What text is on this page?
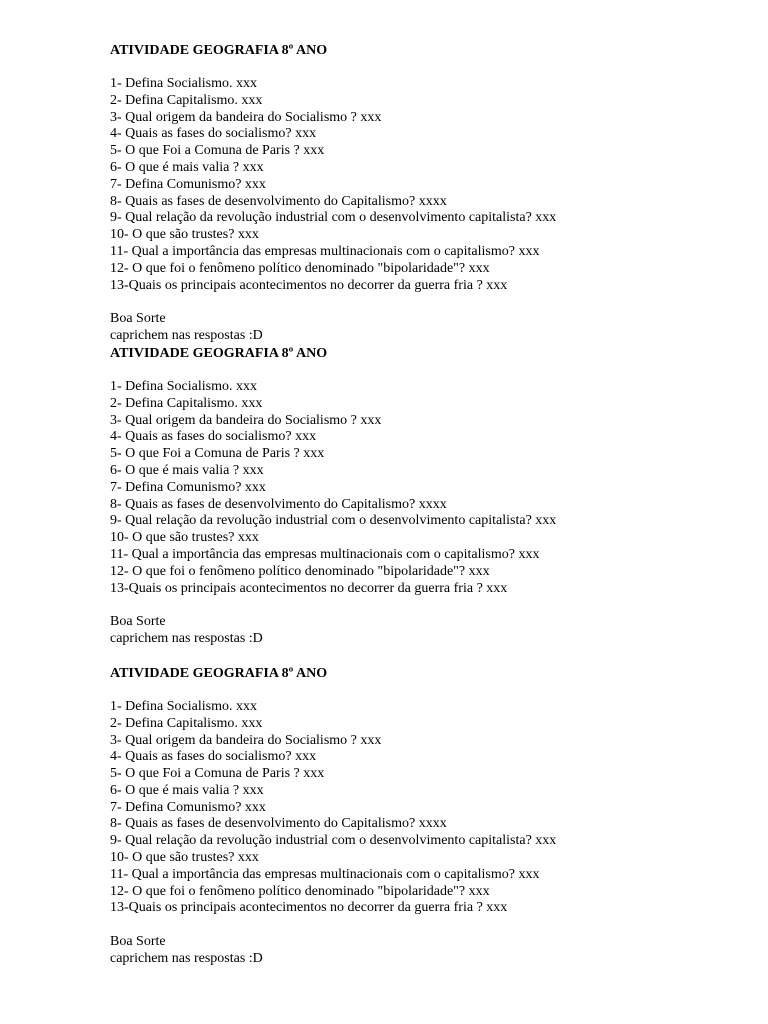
ATIVIDADE GEOGRAFIA 8º ANO
1- Defina Socialismo. xxx
2- Defina Capitalismo. xxx
3- Qual origem da bandeira do Socialismo ? xxx
4- Quais as fases do socialismo? xxx
5- O que Foi a Comuna de Paris ? xxx
6- O que é mais valia ? xxx
7- Defina Comunismo? xxx
8- Quais as fases de desenvolvimento do Capitalismo? xxxx
9- Qual relação da revolução industrial com o desenvolvimento capitalista? xxx
10- O que são trustes? xxx
11- Qual a importância das empresas multinacionais com o capitalismo? xxx
12- O que foi o fenômeno político denominado "bipolaridade"? xxx
13-Quais os principais acontecimentos no decorrer da guerra fria ? xxx
Boa Sorte
caprichem nas respostas :D
ATIVIDADE GEOGRAFIA 8º ANO
1- Defina Socialismo. xxx
2- Defina Capitalismo. xxx
3- Qual origem da bandeira do Socialismo ? xxx
4- Quais as fases do socialismo? xxx
5- O que Foi a Comuna de Paris ? xxx
6- O que é mais valia ? xxx
7- Defina Comunismo? xxx
8- Quais as fases de desenvolvimento do Capitalismo? xxxx
9- Qual relação da revolução industrial com o desenvolvimento capitalista? xxx
10- O que são trustes? xxx
11- Qual a importância das empresas multinacionais com o capitalismo? xxx
12- O que foi o fenômeno político denominado "bipolaridade"? xxx
13-Quais os principais acontecimentos no decorrer da guerra fria ? xxx
Boa Sorte
caprichem nas respostas :D
ATIVIDADE GEOGRAFIA 8º ANO
1- Defina Socialismo. xxx
2- Defina Capitalismo. xxx
3- Qual origem da bandeira do Socialismo ? xxx
4- Quais as fases do socialismo? xxx
5- O que Foi a Comuna de Paris ? xxx
6- O que é mais valia ? xxx
7- Defina Comunismo? xxx
8- Quais as fases de desenvolvimento do Capitalismo? xxxx
9- Qual relação da revolução industrial com o desenvolvimento capitalista? xxx
10- O que são trustes? xxx
11- Qual a importância das empresas multinacionais com o capitalismo? xxx
12- O que foi o fenômeno político denominado "bipolaridade"? xxx
13-Quais os principais acontecimentos no decorrer da guerra fria ? xxx
Boa Sorte
caprichem nas respostas :D
